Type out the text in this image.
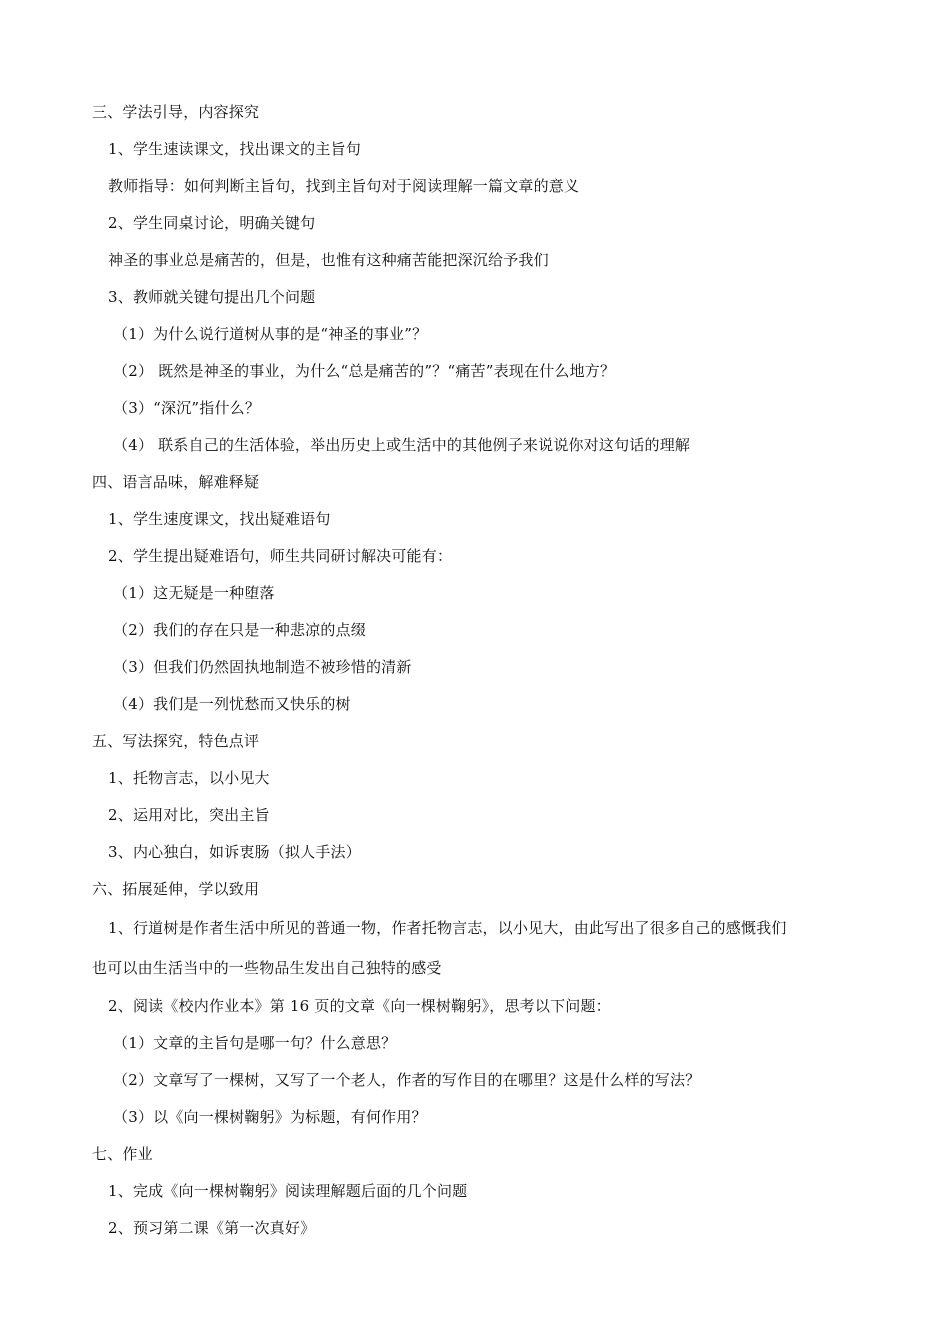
三、学法引导，内容探究
1、学生速读课文，找出课文的主旨句
教师指导：如何判断主旨句，找到主旨句对于阅读理解一篇文章的意义
2、学生同桌讨论，明确关键句
神圣的事业总是痛苦的，但是，也惟有这种痛苦能把深沉给予我们
3、教师就关键句提出几个问题
（1）为什么说行道树从事的是“神圣的事业”？
（2） 既然是神圣的事业，为什么“总是痛苦的”？“痛苦”表现在什么地方？
（3）“深沉”指什么？
（4） 联系自己的生活体验，举出历史上或生活中的其他例子来说说你对这句话的理解
四、语言品味，解难释疑
1、学生速度课文，找出疑难语句
2、学生提出疑难语句，师生共同研讨解决可能有：
（1）这无疑是一种堕落
（2）我们的存在只是一种悲凉的点缀
（3）但我们仍然固执地制造不被珍惜的清新
（4）我们是一列忧愁而又快乐的树
五、写法探究，特色点评
1、托物言志，以小见大
2、运用对比，突出主旨
3、内心独白，如诉衷肠（拟人手法）
六、拓展延伸，学以致用
1、行道树是作者生活中所见的普通一物，作者托物言志，以小见大，由此写出了很多自己的感慨我们
也可以由生活当中的一些物品生发出自己独特的感受
2、阅读《校内作业本》第 16 页的文章《向一棵树鞠躬》，思考以下问题：
（1）文章的主旨句是哪一句？什么意思？
（2）文章写了一棵树，又写了一个老人，作者的写作目的在哪里？这是什么样的写法？
（3）以《向一棵树鞠躬》为标题，有何作用？
七、作业
1、完成《向一棵树鞠躬》阅读理解题后面的几个问题
2、预习第二课《第一次真好》
